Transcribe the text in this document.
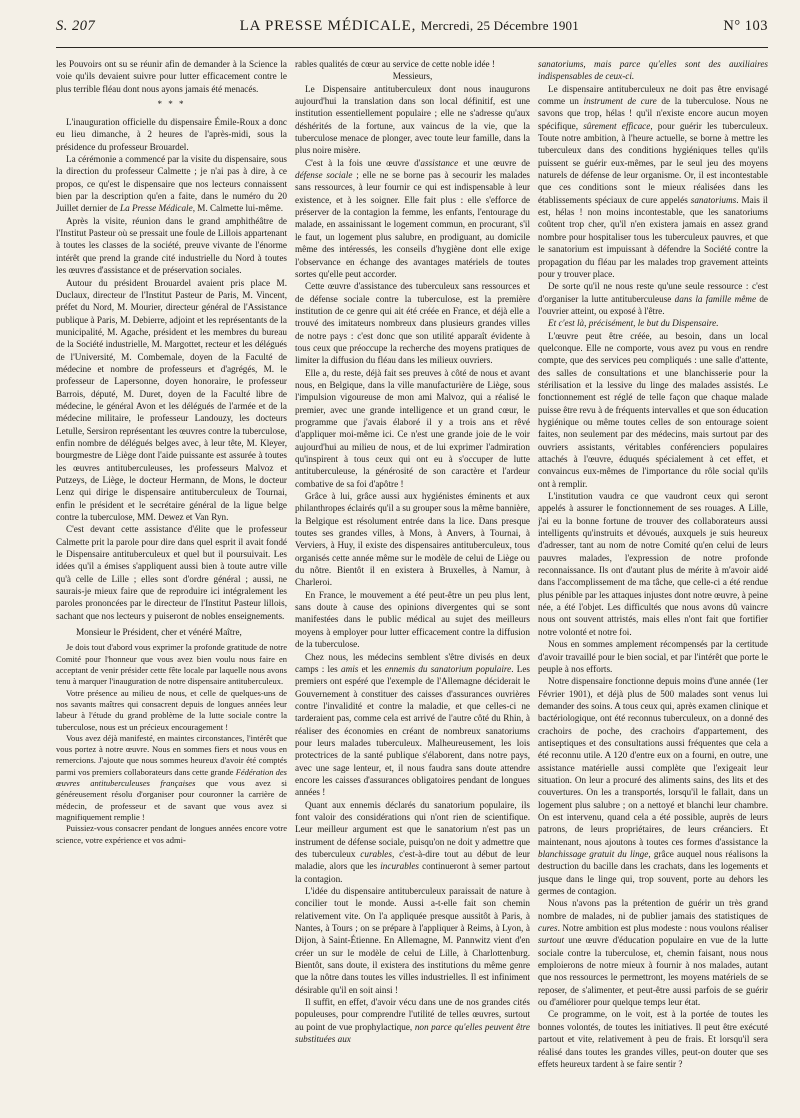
S. 207	LA PRESSE MÉDICALE, Mercredi, 25 Décembre 1901	N° 103

les Pouvoirs ont su se réunir afin de demander à la Science la voie qu'ils devaient suivre pour lutter efficacement contre le plus terrible fléau dont nous ayons jamais été menacés.

* * *

L'inauguration officielle du dispensaire Émile-Roux a donc eu lieu dimanche, à 2 heures de l'après-midi, sous la présidence du professeur Brouardel.

La cérémonie a commencé par la visite du dispensaire, sous la direction du professeur Calmette ; je n'ai pas à dire, à ce propos, ce qu'est le dispensaire que nos lecteurs connaissent bien par la description qu'en a faite, dans le numéro du 20 Juillet dernier de La Presse Médicale, M. Calmette lui-même.

Après la visite, réunion dans le grand amphithéâtre de l'Institut Pasteur où se pressait une foule de Lillois appartenant à toutes les classes de la société, preuve vivante de l'énorme intérêt que prend la grande cité industrielle du Nord à toutes les œuvres d'assistance et de préservation sociales.

Autour du président Brouardel avaient pris place M. Duclaux, directeur de l'Institut Pasteur de Paris, M. Vincent, préfet du Nord, M. Mourier, directeur général de l'Assistance publique à Paris, M. Debierre, adjoint et les représentants de la municipalité, M. Agache, président et les membres du bureau de la Société industrielle, M. Margottet, recteur et les délégués de l'Université, M. Combemale, doyen de la Faculté de médecine et nombre de professeurs et d'agrégés, M. le professeur de Lapersonne, doyen honoraire, le professeur Barrois, député, M. Duret, doyen de la Faculté libre de médecine, le général Avon et les délégués de l'armée et de la médecine militaire, le professeur Landouzy, les docteurs Letulle, Sersiron représentant les œuvres contre la tuberculose, enfin nombre de délégués belges avec, à leur tête, M. Kleyer, bourgmestre de Liège dont l'aide puissante est assurée à toutes les œuvres antituberculeuses, les professeurs Malvoz et Putzeys, de Liège, le docteur Hermann, de Mons, le docteur Lenz qui dirige le dispensaire antituberculeux de Tournai, enfin le président et le secrétaire général de la ligue belge contre la tuberculose, MM. Dewez et Van Ryn.

C'est devant cette assistance d'élite que le professeur Calmette prit la parole pour dire dans quel esprit il avait fondé le Dispensaire antituberculeux et quel but il poursuivait. Les idées qu'il a émises s'appliquent aussi bien à toute autre ville qu'à celle de Lille ; elles sont d'ordre général ; aussi, ne saurais-je mieux faire que de reproduire ici intégralement les paroles prononcées par le directeur de l'Institut Pasteur lillois, sachant que nos lecteurs y puiseront de nobles enseignements.

Monsieur le Président, cher et vénéré Maître,

Je dois tout d'abord vous exprimer la profonde gratitude de notre Comité pour l'honneur que vous avez bien voulu nous faire en acceptant de venir présider cette fête locale par laquelle nous avons tenu à marquer l'inauguration de notre dispensaire antituberculeux.

Votre présence au milieu de nous, et celle de quelques-uns de nos savants maîtres qui consacrent depuis de longues années leur labeur à l'étude du grand problème de la lutte sociale contre la tuberculose, nous est un précieux encouragement !

Vous avez déjà manifesté, en maintes circonstances, l'intérêt que vous portez à notre œuvre. Nous en sommes fiers et nous vous en remercions. J'ajoute que nous sommes heureux d'avoir été comptés parmi vos premiers collaborateurs dans cette grande Fédération des œuvres antituberculeuses françaises que vous avez si généreusement résolu d'organiser pour couronner la carrière de médecin, de professeur et de savant que vous avez si magnifiquement remplie !

Puissiez-vous consacrer pendant de longues années encore votre science, votre expérience et vos admi-

rables qualités de cœur au service de cette noble idée !

Messieurs,

Le Dispensaire antituberculeux dont nous inaugurons aujourd'hui la translation dans son local définitif, est une institution essentiellement populaire ; elle ne s'adresse qu'aux déshérités de la fortune, aux vaincus de la vie, que la tuberculose menace de plonger, avec toute leur famille, dans la plus noire misère.

C'est à la fois une œuvre d'assistance et une œuvre de défense sociale ; elle ne se borne pas à secourir les malades sans ressources, à leur fournir ce qui est indispensable à leur existence, et à les soigner. Elle fait plus : elle s'efforce de préserver de la contagion la femme, les enfants, l'entourage du malade, en assainissant le logement commun, en procurant, s'il le faut, un logement plus salubre, en prodiguant, au domicile même des intéressés, les conseils d'hygiène dont elle exige l'observance en échange des avantages matériels de toutes sortes qu'elle peut accorder.

Cette œuvre d'assistance des tuberculeux sans ressources et de défense sociale contre la tuberculose, est la première institution de ce genre qui ait été créée en France, et déjà elle a trouvé des imitateurs nombreux dans plusieurs grandes villes de notre pays : c'est donc que son utilité apparaît évidente à tous ceux que préoccupe la recherche des moyens pratiques de limiter la diffusion du fléau dans les milieux ouvriers.

Elle a, du reste, déjà fait ses preuves à côté de nous et avant nous, en Belgique, dans la ville manufacturière de Liège, sous l'impulsion vigoureuse de mon ami Malvoz, qui a réalisé le premier, avec une grande intelligence et un grand cœur, le programme que j'avais élaboré il y a trois ans et rêvé d'appliquer moi-même ici. Ce n'est une grande joie de le voir aujourd'hui au milieu de nous, et de lui exprimer l'admiration qu'inspirent à tous ceux qui ont eu à s'occuper de lutte antituberculeuse, la générosité de son caractère et l'ardeur combative de sa foi d'apôtre !

Grâce à lui, grâce aussi aux hygiénistes éminents et aux philanthropes éclairés qu'il a su grouper sous la même bannière, la Belgique est résolument entrée dans la lice. Dans presque toutes ses grandes villes, à Mons, à Anvers, à Tournai, à Verviers, à Huy, il existe des dispensaires antituberculeux, tous organisés cette année même sur le modèle de celui de Liège ou du nôtre. Bientôt il en existera à Bruxelles, à Namur, à Charleroi.

En France, le mouvement a été peut-être un peu plus lent, sans doute à cause des opinions divergentes qui se sont manifestées dans le public médical au sujet des meilleurs moyens à employer pour lutter efficacement contre la diffusion de la tuberculose.

Chez nous, les médecins semblent s'être divisés en deux camps : les amis et les ennemis du sanatorium populaire. Les premiers ont espéré que l'exemple de l'Allemagne déciderait le Gouvernement à constituer des caisses d'assurances ouvrières contre l'invalidité et contre la maladie, et que celles-ci ne tarderaient pas, comme cela est arrivé de l'autre côté du Rhin, à réaliser des économies en créant de nombreux sanatoriums pour leurs malades tuberculeux. Malheureusement, les lois protectrices de la santé publique s'élaborent, dans notre pays, avec une sage lenteur, et, il nous faudra sans doute attendre encore les caisses d'assurances obligatoires pendant de longues années !

Quant aux ennemis déclarés du sanatorium populaire, ils font valoir des considérations qui n'ont rien de scientifique. Leur meilleur argument est que le sanatorium n'est pas un instrument de défense sociale, puisqu'on ne doit y admettre que des tuberculeux curables, c'est-à-dire tout au début de leur maladie, alors que les incurables continueront à semer partout la contagion.

L'idée du dispensaire antituberculeux paraissait de nature à concilier tout le monde. Aussi a-t-elle fait son chemin relativement vite. On l'a appliquée presque aussitôt à Paris, à Nantes, à Tours ; on se prépare à l'appliquer à Reims, à Lyon, à Dijon, à Saint-Étienne. En Allemagne, M. Pannwitz vient d'en créer un sur le modèle de celui de Lille, à Charlottenburg. Bientôt, sans doute, il existera des institutions du même genre que la nôtre dans toutes les villes industrielles. Il est infiniment désirable qu'il en soit ainsi !

Il suffit, en effet, d'avoir vécu dans une de nos grandes cités populeuses, pour comprendre l'utilité de telles œuvres, surtout au point de vue prophylactique, non parce qu'elles peuvent être substituées aux

sanatoriums, mais parce qu'elles sont des auxiliaires indispensables de ceux-ci.

Le dispensaire antituberculeux ne doit pas être envisagé comme un instrument de cure de la tuberculose. Nous ne savons que trop, hélas ! qu'il n'existe encore aucun moyen spécifique, sûrement efficace, pour guérir les tuberculeux. Toute notre ambition, à l'heure actuelle, se borne à mettre les tuberculeux dans des conditions hygiéniques telles qu'ils puissent se guérir eux-mêmes, par le seul jeu des moyens naturels de défense de leur organisme. Or, il est incontestable que ces conditions sont le mieux réalisées dans les établissements spéciaux de cure appelés sanatoriums. Mais il est, hélas ! non moins incontestable, que les sanatoriums coûtent trop cher, qu'il n'en existera jamais en assez grand nombre pour hospitaliser tous les tuberculeux pauvres, et que le sanatorium est impuissant à défendre la Société contre la propagation du fléau par les malades trop gravement atteints pour y trouver place.

De sorte qu'il ne nous reste qu'une seule ressource : c'est d'organiser la lutte antituberculeuse dans la famille même de l'ouvrier atteint, ou exposé à l'être.

Et c'est là, précisément, le but du Dispensaire.

L'œuvre peut être créée, au besoin, dans un local quelconque. Elle ne comporte, vous avez pu vous en rendre compte, que des services peu compliqués : une salle d'attente, des salles de consultations et une blanchisserie pour la stérilisation et la lessive du linge des malades assistés. Le fonctionnement est réglé de telle façon que chaque malade puisse être revu à de fréquents intervalles et que son éducation hygiénique ou même toutes celles de son entourage soient faites, non seulement par des médecins, mais surtout par des ouvriers assistants, véritables conférenciers populaires attachés à l'œuvre, éduqués spécialement à cet effet, et convaincus eux-mêmes de l'importance du rôle social qu'ils ont à remplir.

L'institution vaudra ce que vaudront ceux qui seront appelés à assurer le fonctionnement de ses rouages. A Lille, j'ai eu la bonne fortune de trouver des collaborateurs aussi intelligents qu'instruits et dévoués, auxquels je suis heureux d'adresser, tant au nom de notre Comité qu'en celui de leurs pauvres malades, l'expression de notre profonde reconnaissance. Ils ont d'autant plus de mérite à m'avoir aidé dans l'accomplissement de ma tâche, que celle-ci a été rendue plus pénible par les attaques injustes dont notre œuvre, à peine née, a été l'objet. Les difficultés que nous avons dû vaincre nous ont souvent attristés, mais elles n'ont fait que fortifier notre volonté et notre foi.

Nous en sommes amplement récompensés par la certitude d'avoir travaillé pour le bien social, et par l'intérêt que porte le peuple à nos efforts.

Notre dispensaire fonctionne depuis moins d'une année (1er Février 1901), et déjà plus de 500 malades sont venus lui demander des soins. A tous ceux qui, après examen clinique et bactériologique, ont été reconnus tuberculeux, on a donné des crachoirs de poche, des crachoirs d'appartement, des antiseptiques et des consultations aussi fréquentes que cela a été reconnu utile. A 120 d'entre eux on a fourni, en outre, une assistance matérielle aussi complète que l'exigeait leur situation. On leur a procuré des aliments sains, des lits et des couvertures. On les a transportés, lorsqu'il le fallait, dans un logement plus salubre ; on a nettoyé et blanchi leur chambre. On est intervenu, quand cela a été possible, auprès de leurs patrons, de leurs propriétaires, de leurs créanciers. Et maintenant, nous ajoutons à toutes ces formes d'assistance la blanchissage gratuit du linge, grâce auquel nous réalisons la destruction du bacille dans les crachats, dans les logements et jusque dans le linge qui, trop souvent, porte au dehors les germes de contagion.

Nous n'avons pas la prétention de guérir un très grand nombre de malades, ni de publier jamais des statistiques de cures. Notre ambition est plus modeste : nous voulons réaliser surtout une œuvre d'éducation populaire en vue de la lutte sociale contre la tuberculose, et, chemin faisant, nous nous emploierons de notre mieux à fournir à nos malades, autant que nos ressources le permettront, les moyens matériels de se reposer, de s'alimenter, et peut-être aussi parfois de se guérir ou d'améliorer pour quelque temps leur état.

Ce programme, on le voit, est à la portée de toutes les bonnes volontés, de toutes les initiatives. Il peut être exécuté partout et vite, relativement à peu de frais. Et lorsqu'il sera réalisé dans toutes les grandes villes, peut-on douter que ses effets heureux tardent à se faire sentir ?
